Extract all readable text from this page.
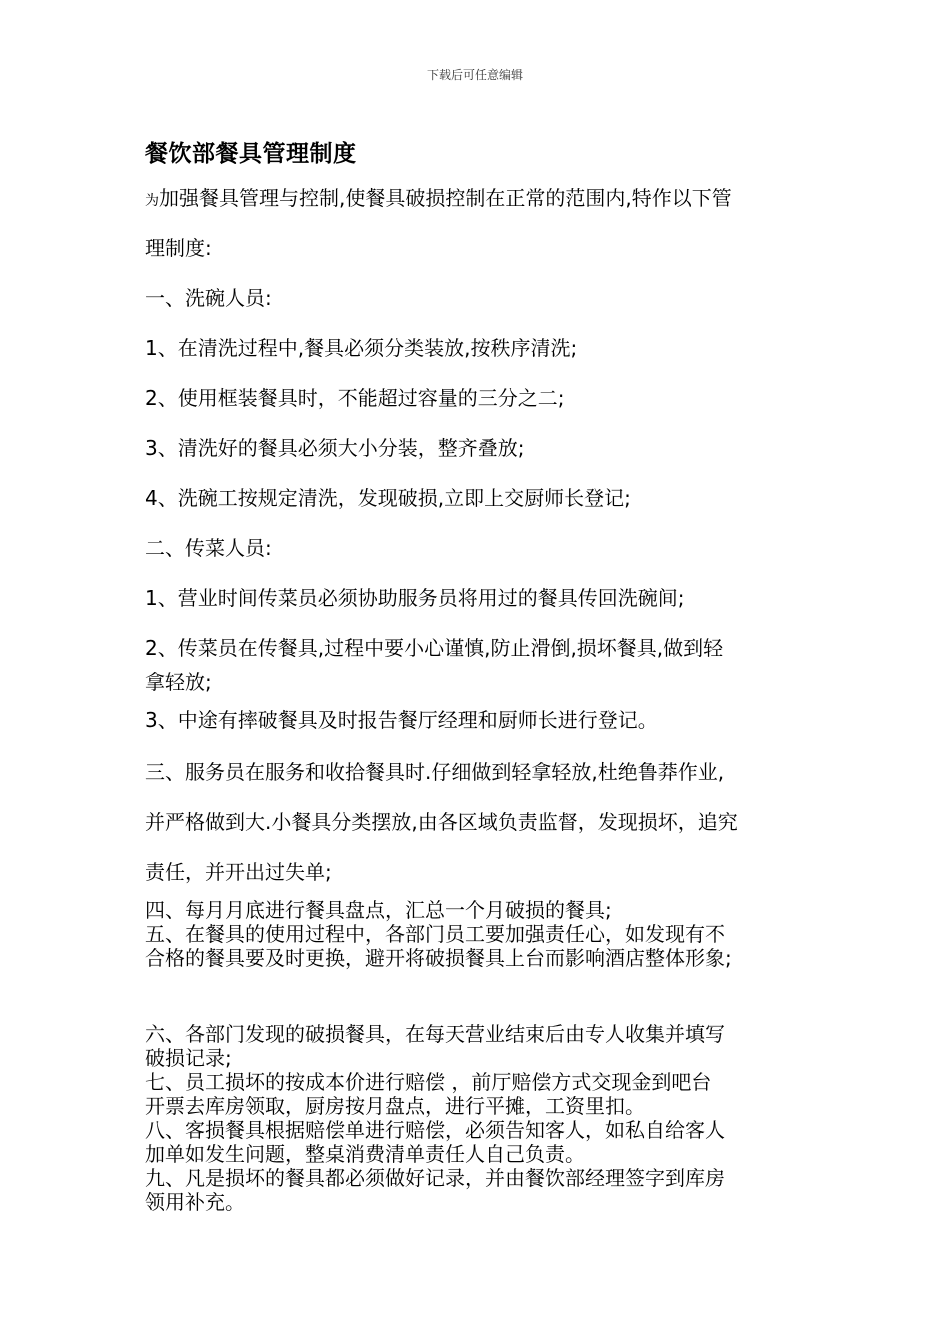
下载后可任意编辑
餐饮部餐具管理制度
为加强餐具管理与控制,使餐具破损控制在正常的范围内,特作以下管
理制度:
一、洗碗人员:
1、在清洗过程中,餐具必须分类装放,按秩序清洗;
2、使用框装餐具时，不能超过容量的三分之二;
3、清洗好的餐具必须大小分装，整齐叠放;
4、洗碗工按规定清洗，发现破损,立即上交厨师长登记;
二、传菜人员:
1、营业时间传菜员必须协助服务员将用过的餐具传回洗碗间;
2、传菜员在传餐具,过程中要小心谨慎,防止滑倒,损坏餐具,做到轻
拿轻放;
3、中途有摔破餐具及时报告餐厅经理和厨师长进行登记。
三、服务员在服务和收拾餐具时.仔细做到轻拿轻放,杜绝鲁莽作业,
并严格做到大.小餐具分类摆放,由各区域负责监督，发现损坏，追究
责任，并开出过失单;
四、每月月底进行餐具盘点，汇总一个月破损的餐具;
五、在餐具的使用过程中，各部门员工要加强责任心，如发现有不
合格的餐具要及时更换，避开将破损餐具上台而影响酒店整体形象;
六、各部门发现的破损餐具，在每天营业结束后由专人收集并填写
破损记录;
七、员工损坏的按成本价进行赔偿 ，前厅赔偿方式交现金到吧台
开票去库房领取，厨房按月盘点，进行平摊，工资里扣。
八、客损餐具根据赔偿单进行赔偿，必须告知客人，如私自给客人
加单如发生问题，整桌消费清单责任人自己负责。
九、凡是损坏的餐具都必须做好记录，并由餐饮部经理签字到库房
领用补充。
